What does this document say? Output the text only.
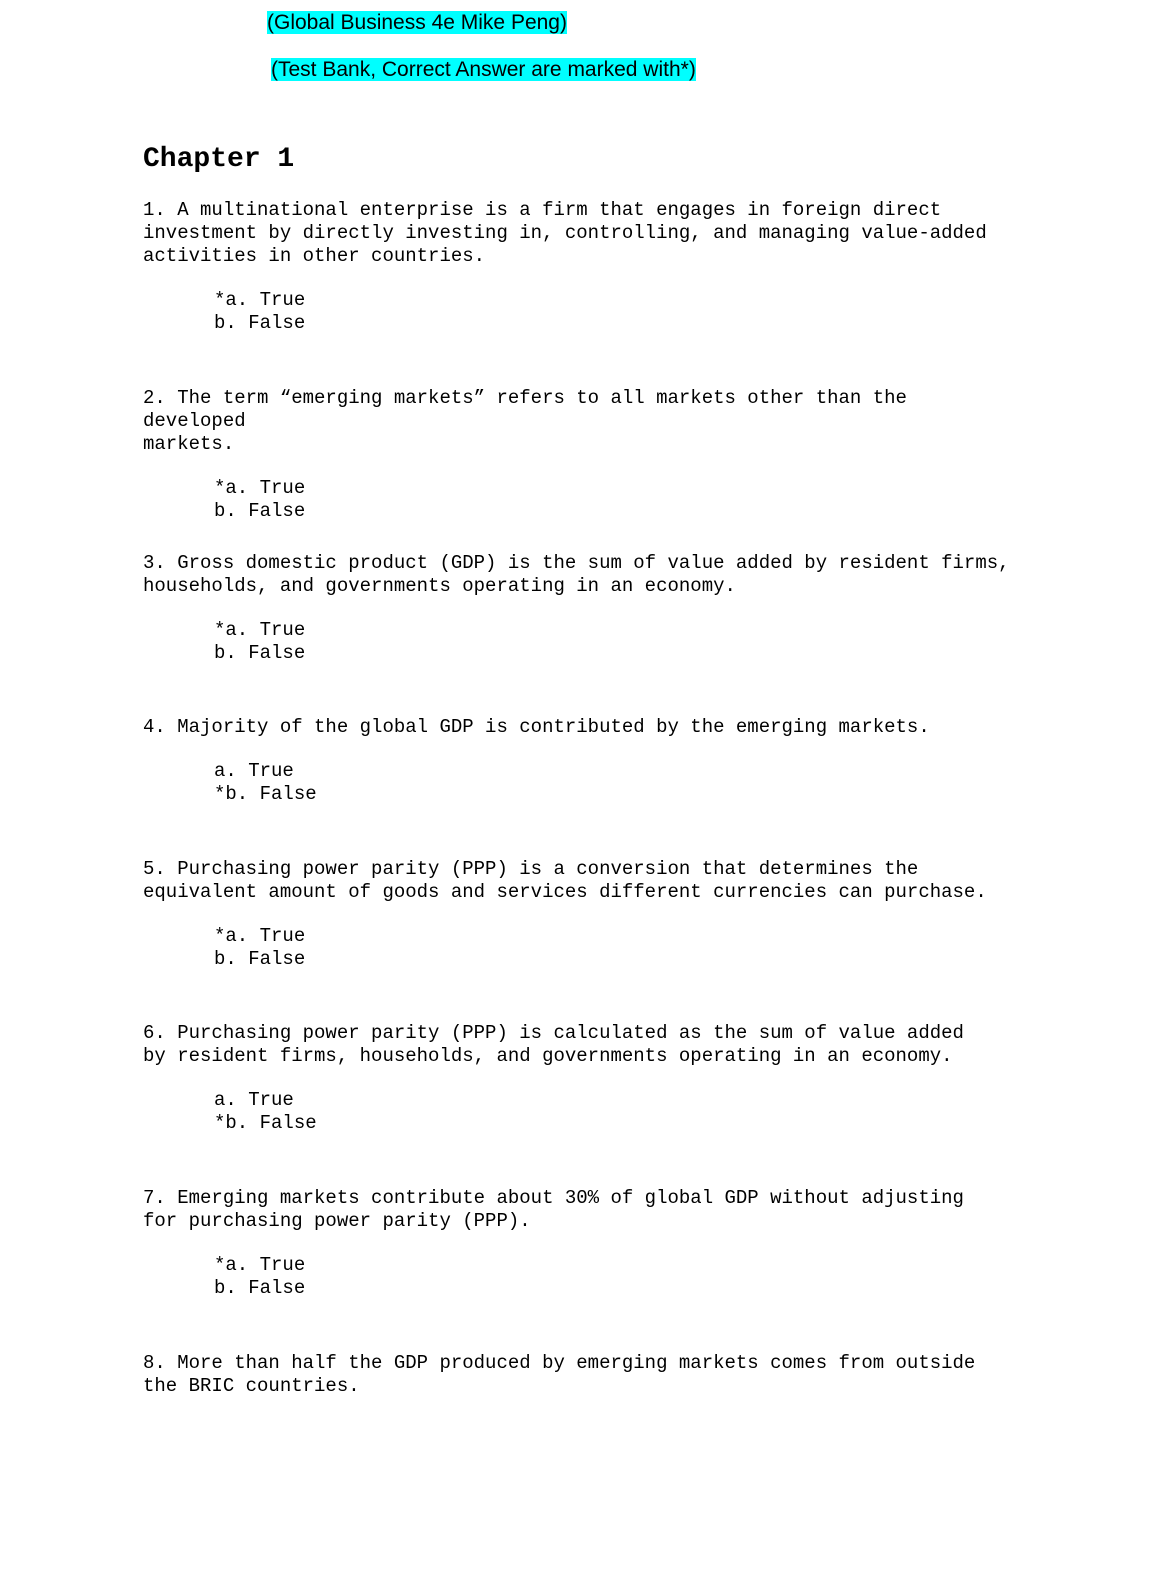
(Global Business 4e Mike Peng)
(Test Bank, Correct Answer are marked with*)
Chapter 1

1. A multinational enterprise is a firm that engages in foreign direct
investment by directly investing in, controlling, and managing value-added
activities in other countries.

*a. True

b. False

2. The term “emerging markets” refers to all markets other than the developed
markets.

*a. True

b. False

3. Gross domestic product (GDP) is the sum of value added by resident firms,
households, and governments operating in an economy.

*a. True

b. False

4. Majority of the global GDP is contributed by the emerging markets.

a. True

*b. False

5. Purchasing power parity (PPP) is a conversion that determines the
equivalent amount of goods and services different currencies can purchase.

*a. True

b. False

6. Purchasing power parity (PPP) is calculated as the sum of value added
by resident firms, households, and governments operating in an economy.

a. True

*b. False

7. Emerging markets contribute about 30% of global GDP without adjusting
for purchasing power parity (PPP).

*a. True

b. False

8. More than half the GDP produced by emerging markets comes from outside
the BRIC countries.
